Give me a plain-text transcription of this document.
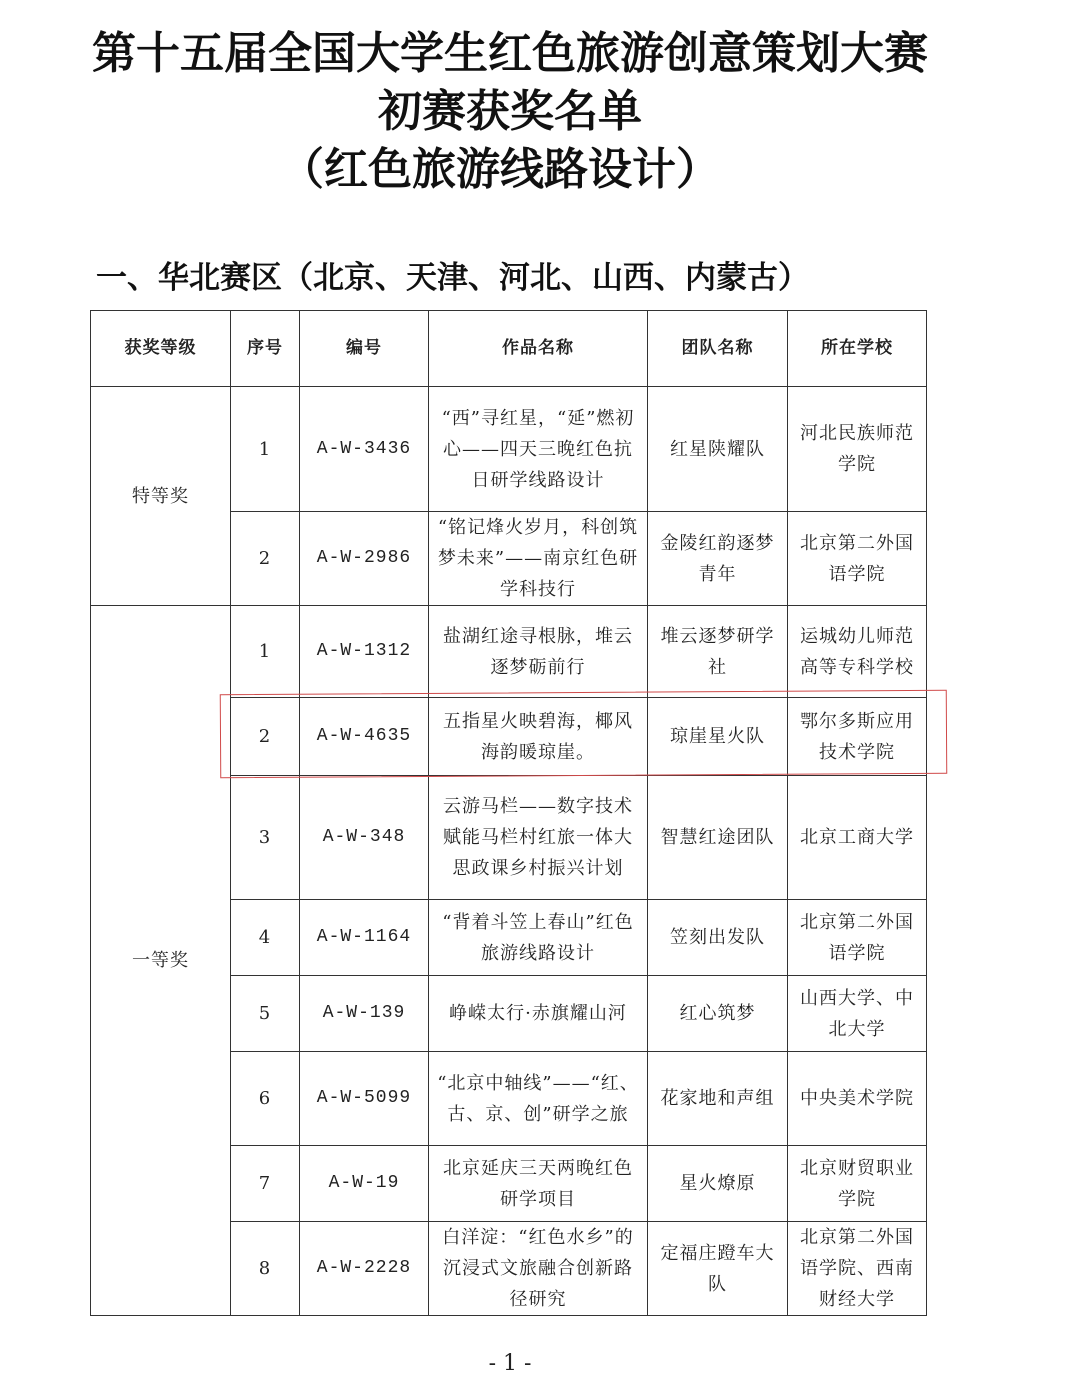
第十五届全国大学生红色旅游创意策划大赛
初赛获奖名单
（红色旅游线路设计）
一、华北赛区（北京、天津、河北、山西、内蒙古）
获奖等级	序号	编号	作品名称	团队名称	所在学校
特等奖	1	A-W-3436	“西”寻红星，“延”燃初心——四天三晚红色抗日研学线路设计	红星陕耀队	河北民族师范学院
	2	A-W-2986	“铭记烽火岁月，科创筑梦未来”——南京红色研学科技行	金陵红韵逐梦青年	北京第二外国语学院
一等奖	1	A-W-1312	盐湖红途寻根脉，堆云逐梦砺前行	堆云逐梦研学社	运城幼儿师范高等专科学校
	2	A-W-4635	五指星火映碧海，椰风海韵暖琼崖。	琼崖星火队	鄂尔多斯应用技术学院
	3	A-W-348	云游马栏——数字技术赋能马栏村红旅一体大思政课乡村振兴计划	智慧红途团队	北京工商大学
	4	A-W-1164	“背着斗笠上春山”红色旅游线路设计	笠刻出发队	北京第二外国语学院
	5	A-W-139	峥嵘太行·赤旗耀山河	红心筑梦	山西大学、中北大学
	6	A-W-5099	“北京中轴线”——“红、古、京、创”研学之旅	花家地和声组	中央美术学院
	7	A-W-19	北京延庆三天两晚红色研学项目	星火燎原	北京财贸职业学院
	8	A-W-2228	白洋淀：“红色水乡”的沉浸式文旅融合创新路径研究	定福庄蹬车大队	北京第二外国语学院、西南财经大学
- 1 -
